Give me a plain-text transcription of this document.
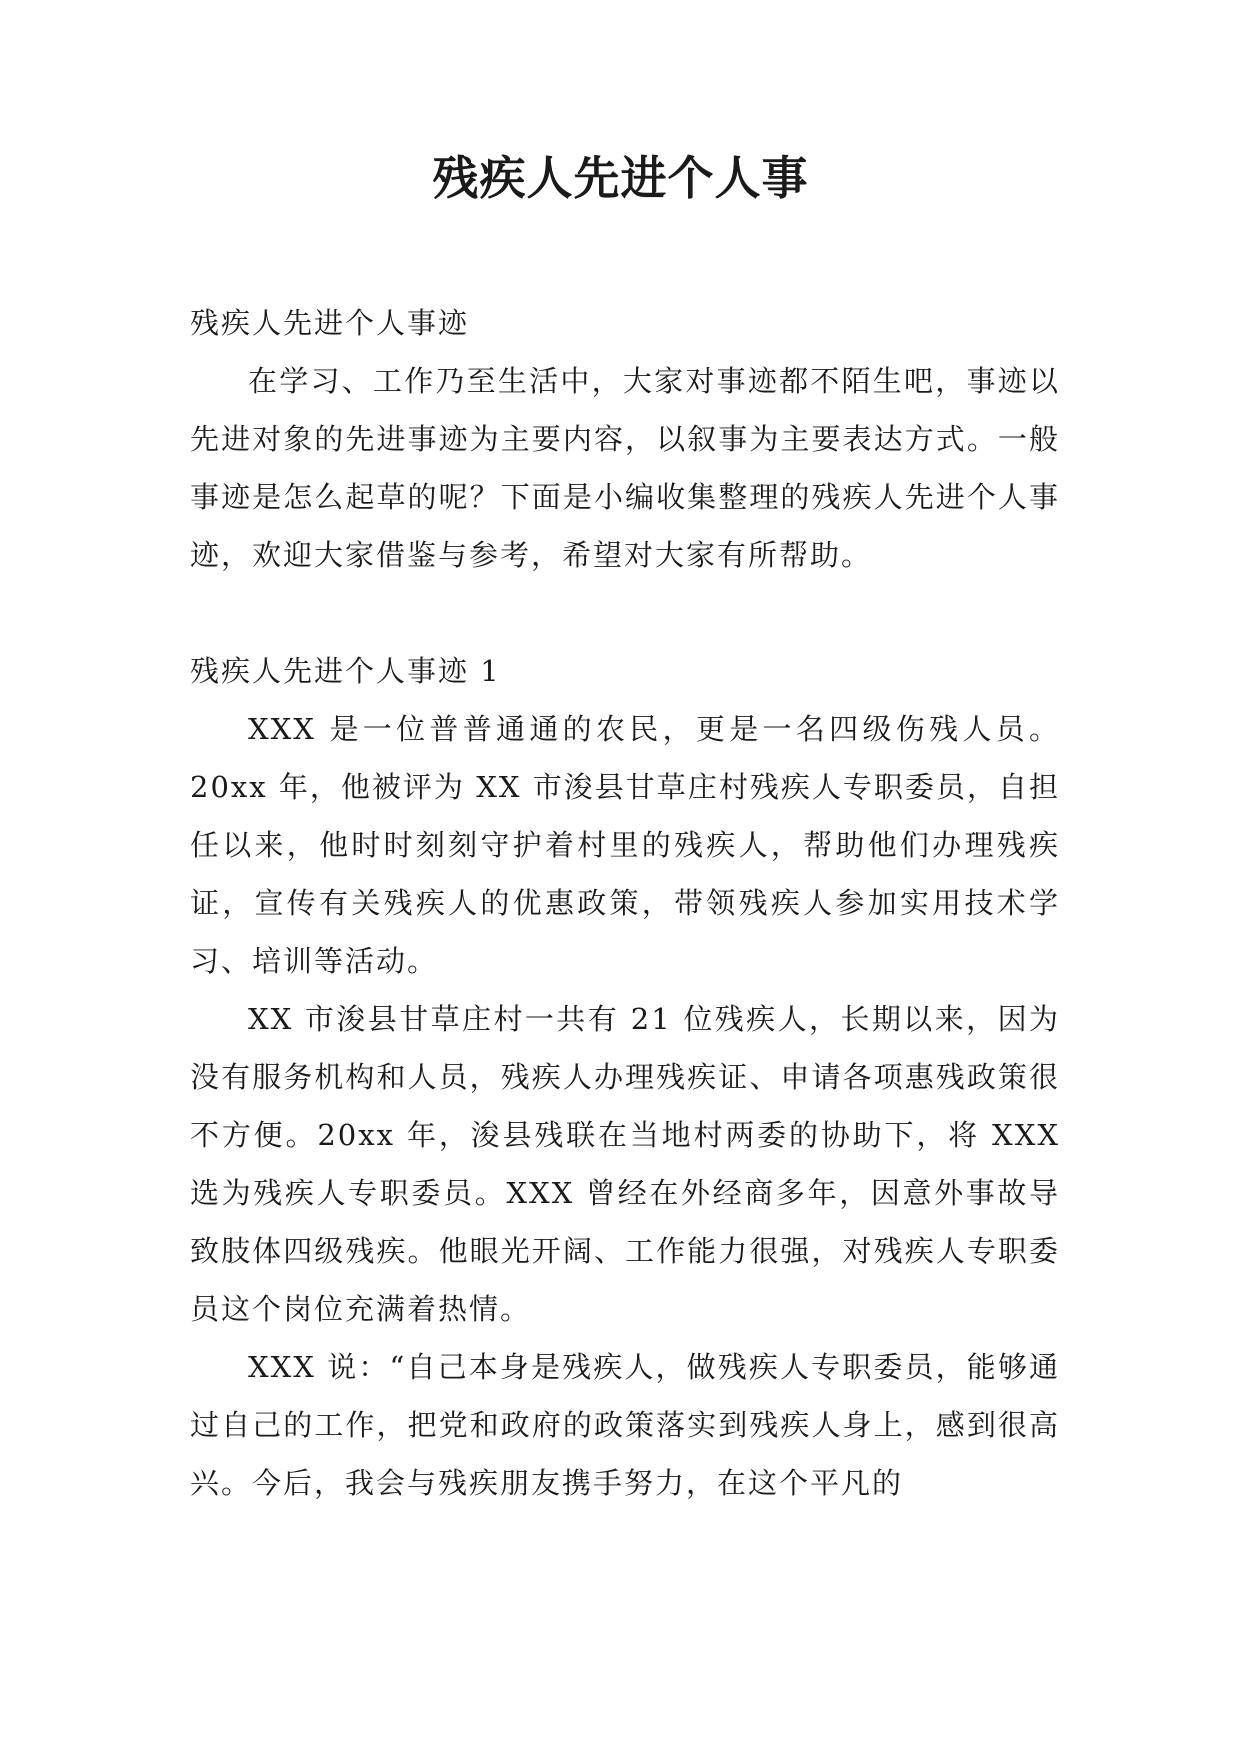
残疾人先进个人事

残疾人先进个人事迹

在学习、工作乃至生活中，大家对事迹都不陌生吧，事迹以先进对象的先进事迹为主要内容，以叙事为主要表达方式。一般事迹是怎么起草的呢？下面是小编收集整理的残疾人先进个人事迹，欢迎大家借鉴与参考，希望对大家有所帮助。

残疾人先进个人事迹 1

XXX 是一位普普通通的农民，更是一名四级伤残人员。20xx 年，他被评为 XX 市浚县甘草庄村残疾人专职委员，自担任以来，他时时刻刻守护着村里的残疾人，帮助他们办理残疾证，宣传有关残疾人的优惠政策，带领残疾人参加实用技术学习、培训等活动。

XX 市浚县甘草庄村一共有 21 位残疾人，长期以来，因为没有服务机构和人员，残疾人办理残疾证、申请各项惠残政策很不方便。20xx 年，浚县残联在当地村两委的协助下，将 XXX 选为残疾人专职委员。XXX 曾经在外经商多年，因意外事故导致肢体四级残疾。他眼光开阔、工作能力很强，对残疾人专职委员这个岗位充满着热情。

XXX 说：“自己本身是残疾人，做残疾人专职委员，能够通过自己的工作，把党和政府的政策落实到残疾人身上，感到很高兴。今后，我会与残疾朋友携手努力，在这个平凡的
